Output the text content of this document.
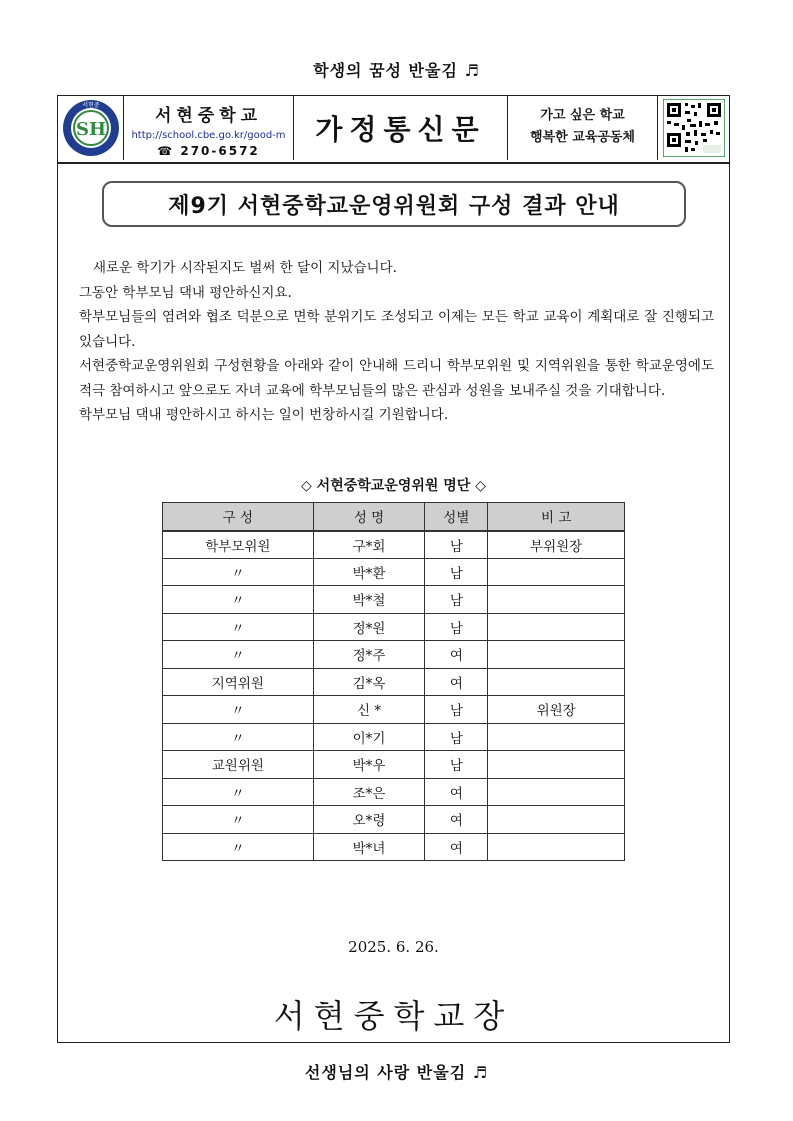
학생의 꿈성 반울김 ♬
SH
서현중
서현중학교
http://school.cbe.go.kr/good-m
☎ 270-6572
가정통신문	가고 싶은 학교
행복한 교육공동체
제9기 서현중학교운영위원회 구성 결과 안내

새로운 학기가 시작된지도 벌써 한 달이 지났습니다.

그동안 학부모님 댁내 평안하신지요.

학부모님들의 염려와 협조 덕분으로 면학 분위기도 조성되고 이제는 모든 학교 교육이 계획대로 잘 진행되고 있습니다.

서현중학교운영위원회 구성현황을 아래와 같이 안내해 드리니 학부모위원 및 지역위원을 통한 학교운영에도 적극 참여하시고 앞으로도 자녀 교육에 학부모님들의 많은 관심과 성원을 보내주실 것을 기대합니다.

학부모님 댁내 평안하시고 하시는 일이 번창하시길 기원합니다.

◇ 서현중학교운영위원 명단 ◇
구 성	성 명	성별	비 고
학부모위원	구*회	남	부위원장
〃	박*환	남	
〃	박*철	남	
〃	정*원	남	
〃	정*주	여	
지역위원	김*옥	여	
〃	신 *	남	위원장
〃	이*기	남	
교원위원	박*우	남	
〃	조*은	여	
〃	오*령	여	
〃	박*녀	여	
2025. 6. 26.
서현중학교장
선생님의 사랑 반울김 ♬
